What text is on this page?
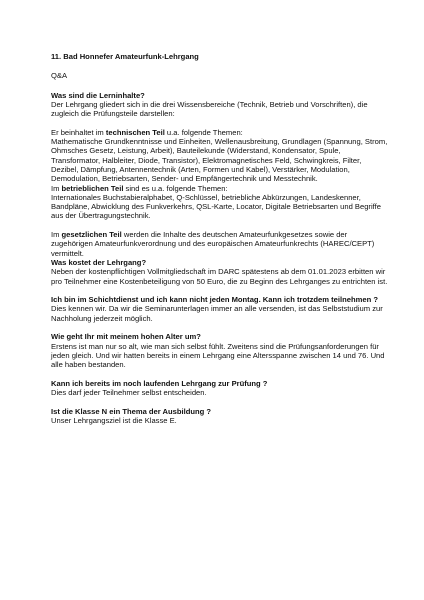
11. Bad Honnefer Amateurfunk-Lehrgang
Q&A
Was sind die Lerninhalte?

Der Lehrgang gliedert sich in die drei Wissensbereiche (Technik, Betrieb und Vorschriften), die zugleich die Prüfungsteile darstellen:

Er beinhaltet im technischen Teil u.a. folgende Themen:

Mathematische Grundkenntnisse und Einheiten, Wellenausbreitung, Grundlagen (Spannung, Strom, Ohmsches Gesetz, Leistung, Arbeit), Bauteilekunde (Widerstand, Kondensator, Spule, Transformator, Halbleiter, Diode, Transistor), Elektromagnetisches Feld, Schwingkreis, Filter, Dezibel, Dämpfung, Antennentechnik (Arten, Formen und Kabel), Verstärker, Modulation, Demodulation, Betriebsarten, Sender- und Empfängertechnik und Messtechnik.

Im betrieblichen Teil sind es u.a. folgende Themen:

Internationales Buchstabieralphabet, Q-Schlüssel, betriebliche Abkürzungen, Landeskenner, Bandpläne, Abwicklung des Funkverkehrs, QSL-Karte, Locator, Digitale Betriebsarten und Begriffe aus der Übertragungstechnik.

Im gesetzlichen Teil werden die Inhalte des deutschen Amateurfunkgesetzes sowie der zugehörigen Amateurfunkverordnung und des europäischen Amateurfunkrechts (HAREC/CEPT) vermittelt.

Was kostet der Lehrgang?

Neben der kostenpflichtigen Vollmitgliedschaft im DARC spätestens ab dem 01.01.2023 erbitten wir pro Teilnehmer eine Kostenbeteiligung von 50 Euro, die zu Beginn des Lehrganges zu entrichten ist.

Ich bin im Schichtdienst und ich kann nicht jeden Montag. Kann ich trotzdem teilnehmen ?

Dies kennen wir. Da wir die Seminarunterlagen immer an alle versenden, ist das Selbststudium zur Nachholung jederzeit möglich.

Wie geht Ihr mit meinem hohen Alter um?

Erstens ist man nur so alt, wie man sich selbst fühlt. Zweitens sind die Prüfungsanforderungen für jeden gleich. Und wir hatten bereits in einem Lehrgang eine Altersspanne zwischen 14 und 76. Und alle haben bestanden.

Kann ich bereits im noch laufenden Lehrgang zur Prüfung ?

Dies darf jeder Teilnehmer selbst entscheiden.

Ist die Klasse N ein Thema der Ausbildung ?

Unser Lehrgangsziel ist die Klasse E.
